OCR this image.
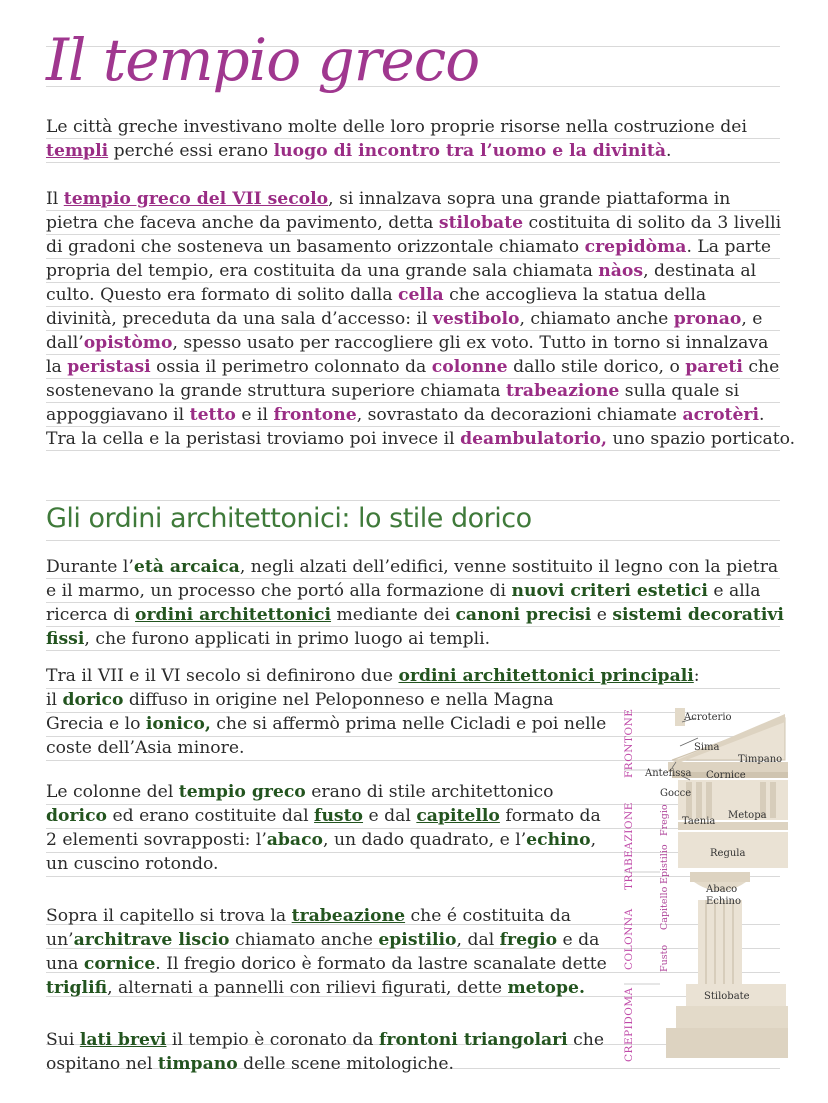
Il tempio greco
Le città greche investivano molte delle loro proprie risorse nella costruzione dei
templi perché essi erano luogo di incontro tra l’uomo e la divinità.
Il tempio greco del VII secolo, si innalzava sopra una grande piattaforma in
pietra che faceva anche da pavimento, detta stilobate costituita di solito da 3 livelli
di gradoni che sosteneva un basamento orizzontale chiamato crepidòma. La parte
propria del tempio, era costituita da una grande sala chiamata nàos, destinata al
culto. Questo era formato di solito dalla cella che accoglieva la statua della
divinità, preceduta da una sala d’accesso: il vestibolo, chiamato anche pronao, e
dall’opistòmo, spesso usato per raccogliere gli ex voto. Tutto in torno si innalzava
la peristasi ossia il perimetro colonnato da colonne dallo stile dorico, o pareti che
sostenevano la grande struttura superiore chiamata trabeazione sulla quale si
appoggiavano il tetto e il frontone, sovrastato da decorazioni chiamate acrotèri.
Tra la cella e la peristasi troviamo poi invece il deambulatorio, uno spazio porticato.
Gli ordini architettonici: lo stile dorico
Durante l’età arcaica, negli alzati dell’edifici, venne sostituito il legno con la pietra
e il marmo, un processo che portó alla formazione di nuovi criteri estetici e alla
ricerca di ordini architettonici mediante dei canoni precisi e sistemi decorativi
fissi, che furono applicati in primo luogo ai templi.
Tra il VII e il VI secolo si definirono due ordini architettonici principali:
il dorico diffuso in origine nel Peloponneso e nella Magna
Grecia e lo ionico, che si affermò prima nelle Cicladi e poi nelle
coste dell’Asia minore.
Le colonne del tempio greco erano di stile architettonico
dorico ed erano costituite dal fusto e dal capitello formato da
2 elementi sovrapposti: l’abaco, un dado quadrato, e l’echino,
un cuscino rotondo.
Sopra il capitello si trova la trabeazione che é costituita da
un’architrave liscio chiamato anche epistilio, dal fregio e da
una cornice. Il fregio dorico è formato da lastre scanalate dette
triglifi, alternati a pannelli con rilievi figurati, dette metope.
Sui lati brevi il tempio è coronato da frontoni triangolari che
ospitano nel timpano delle scene mitologiche.
FRONTONE
TRABEAZIONE
COLONNA
CREPIDOMA
Fregio
Epistilio
Capitello
Fusto
Acroterio
Sima
Timpano
Antefissa Cornice
Gocce
Taenia
Metopa
Regula
Abaco
Echino
Stilobate
